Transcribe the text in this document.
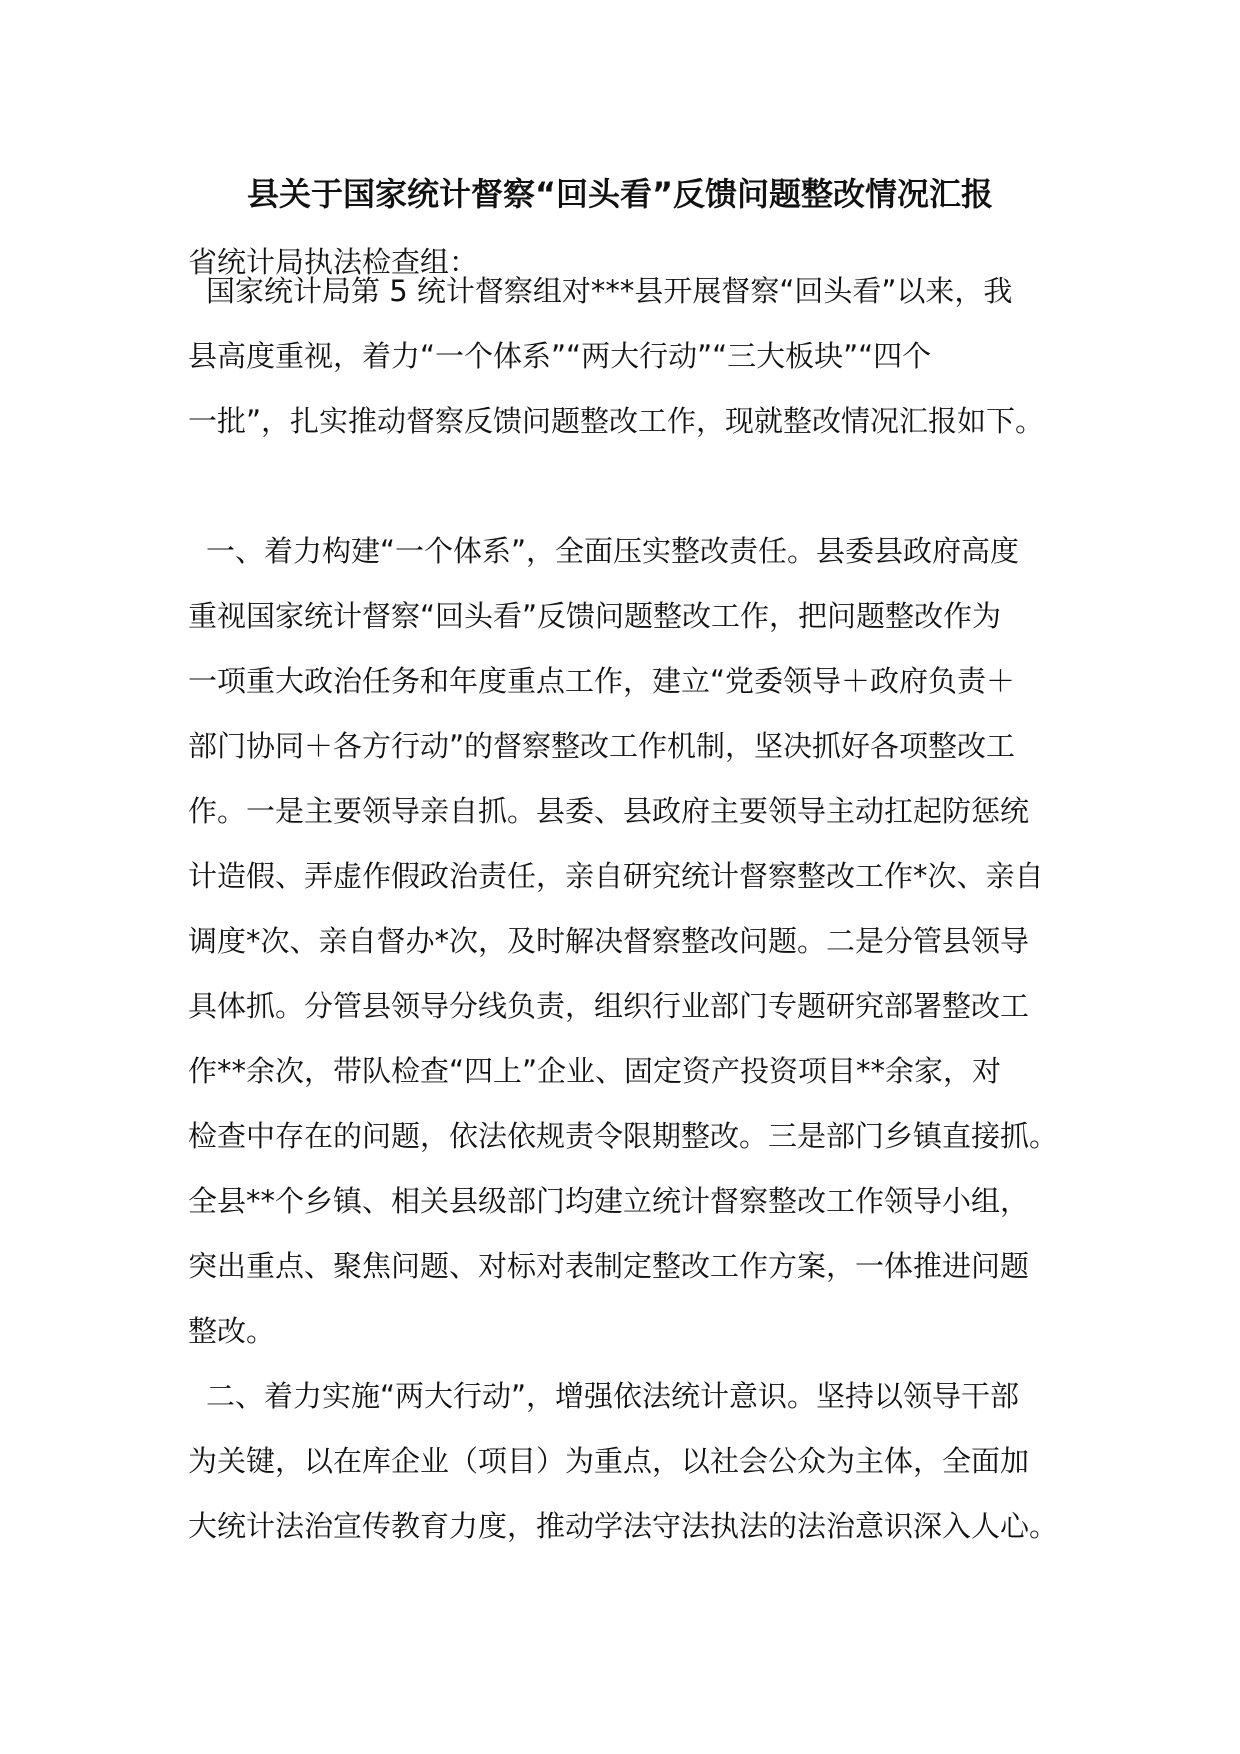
县关于国家统计督察“回头看”反馈问题整改情况汇报
省统计局执法检查组：
国家统计局第 5 统计督察组对***县开展督察“回头看”以来，我
县高度重视，着力“一个体系”“两大行动”“三大板块”“四个
一批”，扎实推动督察反馈问题整改工作，现就整改情况汇报如下。
一、着力构建“一个体系”，全面压实整改责任。县委县政府高度
重视国家统计督察“回头看”反馈问题整改工作，把问题整改作为
一项重大政治任务和年度重点工作，建立“党委领导＋政府负责＋
部门协同＋各方行动”的督察整改工作机制，坚决抓好各项整改工
作。一是主要领导亲自抓。县委、县政府主要领导主动扛起防惩统
计造假、弄虚作假政治责任，亲自研究统计督察整改工作*次、亲自
调度*次、亲自督办*次，及时解决督察整改问题。二是分管县领导
具体抓。分管县领导分线负责，组织行业部门专题研究部署整改工
作**余次，带队检查“四上”企业、固定资产投资项目**余家，对
检查中存在的问题，依法依规责令限期整改。三是部门乡镇直接抓。
全县**个乡镇、相关县级部门均建立统计督察整改工作领导小组，
突出重点、聚焦问题、对标对表制定整改工作方案，一体推进问题
整改。
二、着力实施“两大行动”，增强依法统计意识。坚持以领导干部
为关键，以在库企业（项目）为重点，以社会公众为主体，全面加
大统计法治宣传教育力度，推动学法守法执法的法治意识深入人心。
